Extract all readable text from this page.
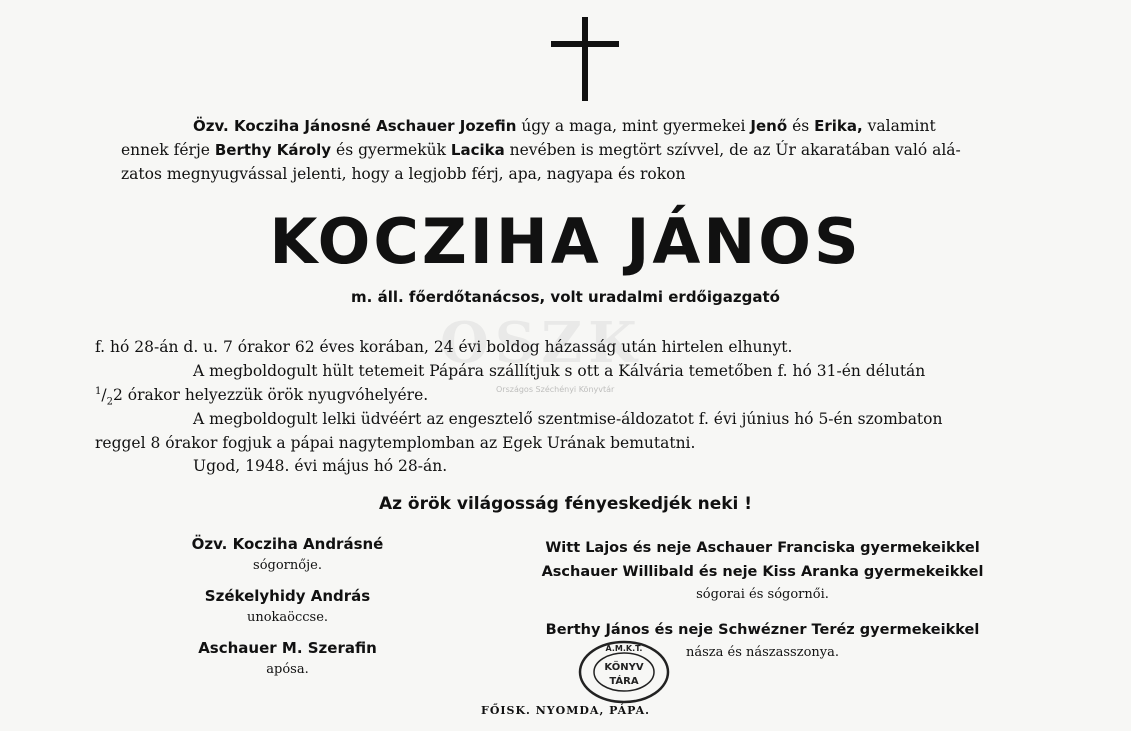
OSZK
Országos Széchényi Könyvtár
Özv. Kocziha Jánosné Aschauer Jozefin úgy a maga, mint gyermekei Jenő és Erika, valamint
ennek férje Berthy Károly és gyermekük Lacika nevében is megtört szívvel, de az Úr akaratában való alá-
zatos megnyugvással jelenti, hogy a legjobb férj, apa, nagyapa és rokon
KOCZIHA JÁNOS
m. áll. főerdőtanácsos, volt uradalmi erdőigazgató
f. hó 28-án d. u. 7 órakor 62 éves korában, 24 évi boldog házasság után hirtelen elhunyt.
A megboldogult hült tetemeit Pápára szállítjuk s ott a Kálvária temetőben f. hó 31-én délután
$^1/_22$ órakor helyezzük örök nyugvóhelyére.
A megboldogult lelki üdvéért az engesztelő szentmise-áldozatot f. évi június hó 5-én szombaton
reggel 8 órakor fogjuk a pápai nagytemplomban az Egek Urának bemutatni.
Ugod, 1948. évi május hó 28-án.
Az örök világosság fényeskedjék neki !
Özv. Kocziha Andrásné
sógornője.
Székelyhidy András
unokaöccse.
Aschauer M. Szerafin
apósa.
Witt Lajos és neje Aschauer Franciska gyermekeikkel
Aschauer Willibald és neje Kiss Aranka gyermekeikkel
sógorai és sógornői.
Berthy János és neje Schwézner Teréz gyermekeikkel
násza és nászasszonya.
A.M.K.T.
KÖNYV
TÁRA
FŐISK. NYOMDA, PÁPA.
